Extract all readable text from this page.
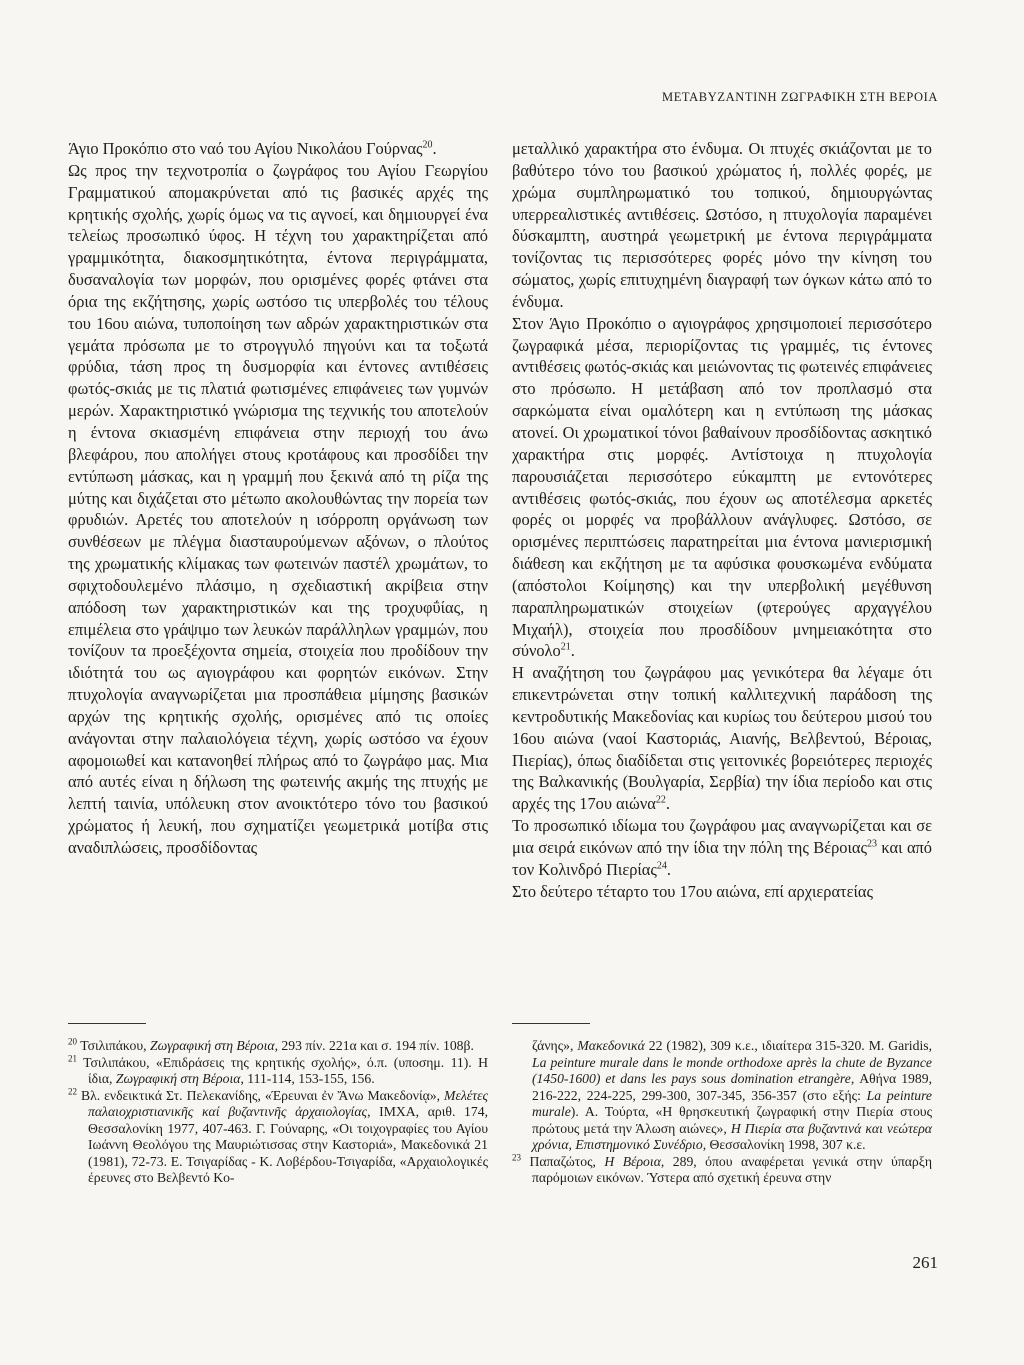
ΜΕΤΑΒΥΖΑΝΤΙΝΗ ΖΩΓΡΑΦΙΚΗ ΣΤΗ ΒΕΡΟΙΑ

Άγιο Προκόπιο στο ναό του Αγίου Νικολάου Γούρνας$^{20}$.

Ως προς την τεχνοτροπία ο ζωγράφος του Αγίου Γεωργίου Γραμματικού απομακρύνεται από τις βασικές αρχές της κρητικής σχολής, χωρίς όμως να τις αγνοεί, και δημιουργεί ένα τελείως προσωπικό ύφος. Η τέχνη του χαρακτηρίζεται από γραμμικότητα, διακοσμητικότητα, έντονα περιγράμματα, δυσαναλογία των μορφών, που ορισμένες φορές φτάνει στα όρια της εκζήτησης, χωρίς ωστόσο τις υπερβολές του τέλους του 16ου αιώνα, τυποποίηση των αδρών χαρακτηριστικών στα γεμάτα πρόσωπα με το στρογγυλό πηγούνι και τα τοξωτά φρύδια, τάση προς τη δυσμορφία και έντονες αντιθέσεις φωτός-σκιάς με τις πλατιά φωτισμένες επιφάνειες των γυμνών μερών. Χαρακτηριστικό γνώρισμα της τεχνικής του αποτελούν η έντονα σκιασμένη επιφάνεια στην περιοχή του άνω βλεφάρου, που απολήγει στους κροτάφους και προσδίδει την εντύπωση μάσκας, και η γραμμή που ξεκινά από τη ρίζα της μύτης και διχάζεται στο μέτωπο ακολουθώντας την πορεία των φρυδιών. Αρετές του αποτελούν η ισόρροπη οργάνωση των συνθέσεων με πλέγμα διασταυρούμενων αξόνων, ο πλούτος της χρωματικής κλίμακας των φωτεινών παστέλ χρωμάτων, το σφιχτοδουλεμένο πλάσιμο, η σχεδιαστική ακρίβεια στην απόδοση των χαρακτηριστικών και της τροχυφΰίας, η επιμέλεια στο γράψιμο των λευκών παράλληλων γραμμών, που τονίζουν τα προεξέχοντα σημεία, στοιχεία που προδίδουν την ιδιότητά του ως αγιογράφου και φορητών εικόνων. Στην πτυχολογία αναγνωρίζεται μια προσπάθεια μίμησης βασικών αρχών της κρητικής σχολής, ορισμένες από τις οποίες ανάγονται στην παλαιολόγεια τέχνη, χωρίς ωστόσο να έχουν αφομοιωθεί και κατανοηθεί πλήρως από το ζωγράφο μας. Μια από αυτές είναι η δήλωση της φωτεινής ακμής της πτυχής με λεπτή ταινία, υπόλευκη στον ανοικτότερο τόνο του βασικού χρώματος ή λευκή, που σχηματίζει γεωμετρικά μοτίβα στις αναδιπλώσεις, προσδίδοντας

μεταλλικό χαρακτήρα στο ένδυμα. Οι πτυχές σκιάζονται με το βαθύτερο τόνο του βασικού χρώματος ή, πολλές φορές, με χρώμα συμπληρωματικό του τοπικού, δημιουργώντας υπερρεαλιστικές αντιθέσεις. Ωστόσο, η πτυχολογία παραμένει δύσκαμπτη, αυστηρά γεωμετρική με έντονα περιγράμματα τονίζοντας τις περισσότερες φορές μόνο την κίνηση του σώματος, χωρίς επιτυχημένη διαγραφή των όγκων κάτω από το ένδυμα.

Στον Άγιο Προκόπιο ο αγιογράφος χρησιμοποιεί περισσότερο ζωγραφικά μέσα, περιορίζοντας τις γραμμές, τις έντονες αντιθέσεις φωτός-σκιάς και μειώνοντας τις φωτεινές επιφάνειες στο πρόσωπο. Η μετάβαση από τον προπλασμό στα σαρκώματα είναι ομαλότερη και η εντύπωση της μάσκας ατονεί. Οι χρωματικοί τόνοι βαθαίνουν προσδίδοντας ασκητικό χαρακτήρα στις μορφές. Αντίστοιχα η πτυχολογία παρουσιάζεται περισσότερο εύκαμπτη με εντονότερες αντιθέσεις φωτός-σκιάς, που έχουν ως αποτέλεσμα αρκετές φορές οι μορφές να προβάλλουν ανάγλυφες. Ωστόσο, σε ορισμένες περιπτώσεις παρατηρείται μια έντονα μανιερισμική διάθεση και εκζήτηση με τα αφύσικα φουσκωμένα ενδύματα (απόστολοι Κοίμησης) και την υπερβολική μεγέθυνση παραπληρωματικών στοιχείων (φτερούγες αρχαγγέλου Μιχαήλ), στοιχεία που προσδίδουν μνημειακότητα στο σύνολο$^{21}$.

Η αναζήτηση του ζωγράφου μας γενικότερα θα λέγαμε ότι επικεντρώνεται στην τοπική καλλιτεχνική παράδοση της κεντροδυτικής Μακεδονίας και κυρίως του δεύτερου μισού του 16ου αιώνα (ναοί Καστοριάς, Αιανής, Βελβεντού, Βέροιας, Πιερίας), όπως διαδίδεται στις γειτονικές βορειότερες περιοχές της Βαλκανικής (Βουλγαρία, Σερβία) την ίδια περίοδο και στις αρχές της 17ου αιώνα$^{22}$.

Το προσωπικό ιδίωμα του ζωγράφου μας αναγνωρίζεται και σε μια σειρά εικόνων από την ίδια την πόλη της Βέροιας$^{23}$ και από τον Κολινδρό Πιερίας$^{24}$.

Στο δεύτερο τέταρτο του 17ου αιώνα, επί αρχιερατείας

$^{20}$ Τσιλιπάκου, Ζωγραφική στη Βέροια, 293 πίν. 221α και σ. 194 πίν. 108β.

$^{21}$ Τσιλιπάκου, «Επιδράσεις της κρητικής σχολής», ό.π. (υποσημ. 11). Η ίδια, Ζωγραφική στη Βέροια, 111-114, 153-155, 156.

$^{22}$ Βλ. ενδεικτικά Στ. Πελεκανίδης, «Έρευναι ἐν Ἄνω Μακεδονίᾳ», Μελέτες παλαιοχριστιανικῆς καί βυζαντινῆς ἀρχαιολογίας, ΙΜΧΑ, αριθ. 174, Θεσσαλονίκη 1977, 407-463. Γ. Γούναρης, «Οι τοιχογραφίες του Αγίου Ιωάννη Θεολόγου της Μαυριώτισσας στην Καστοριά», Μακεδονικά 21 (1981), 72-73. Ε. Τσιγαρίδας - Κ. Λοβέρδου-Τσιγαρίδα, «Αρχαιολογικές έρευνες στο Βελβεντό Κο-

ζάνης», Μακεδονικά 22 (1982), 309 κ.ε., ιδιαίτερα 315-320. Μ. Garidis, La peinture murale dans le monde orthodoxe après la chute de Byzance (1450-1600) et dans les pays sous domination etrangère, Αθήνα 1989, 216-222, 224-225, 299-300, 307-345, 356-357 (στο εξής: La peinture murale). Α. Τούρτα, «Η θρησκευτική ζωγραφική στην Πιερία στους πρώτους μετά την Άλωση αιώνες», Η Πιερία στα βυζαντινά και νεώτερα χρόνια, Επιστημονικό Συνέδριο, Θεσσαλονίκη 1998, 307 κ.ε.

$^{23}$ Παπαζώτος, Η Βέροια, 289, όπου αναφέρεται γενικά στην ύπαρξη παρόμοιων εικόνων. Ύστερα από σχετική έρευνα στην

261
